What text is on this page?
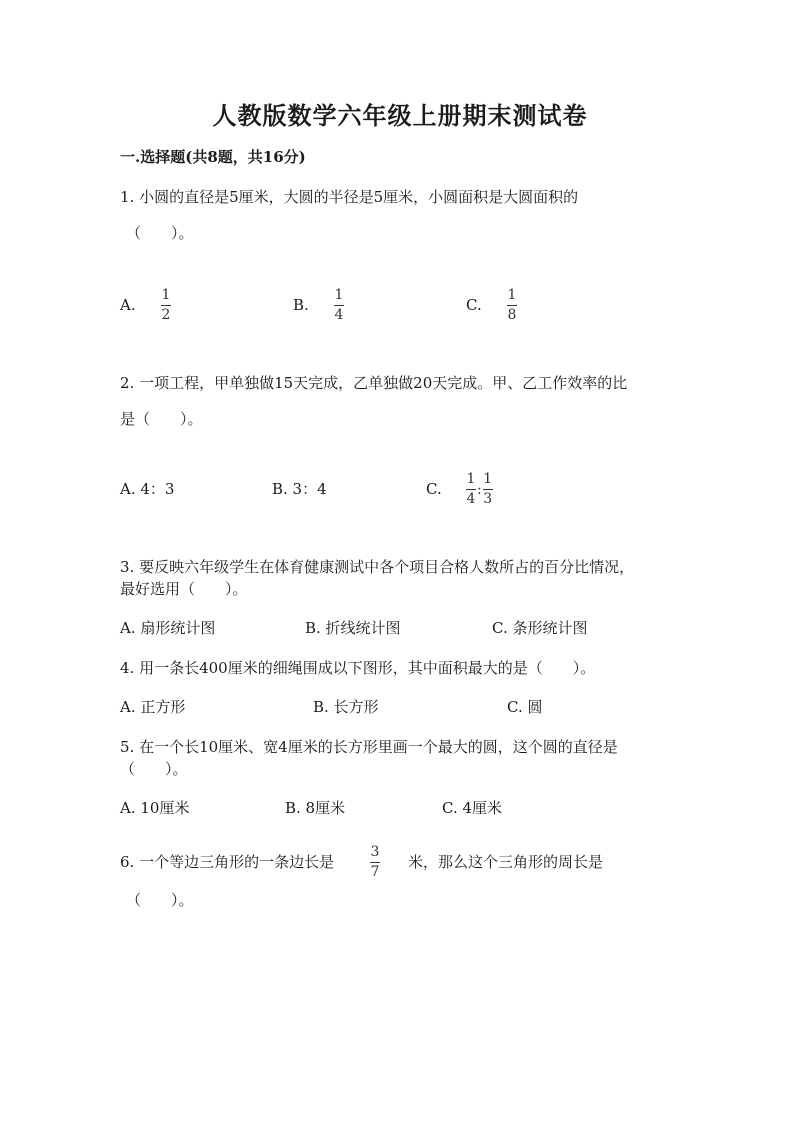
人教版数学六年级上册期末测试卷
一.选择题(共8题，共16分)
1. 小圆的直径是5厘米，大圆的半径是5厘米，小圆面积是大圆面积的
（　　）。
A.
1
2
B.
1
4
C.
1
8
2. 一项工程，甲单独做15天完成，乙单独做20天完成。甲、乙工作效率的比
是（　　）。
A. 4：3	B. 3：4	C. $\frac{1}{4}$ : $\frac{1}{3}$
3. 要反映六年级学生在体育健康测试中各个项目合格人数所占的百分比情况，
最好选用（　　）。
A. 扇形统计图	B. 折线统计图	C. 条形统计图
4. 用一条长400厘米的细绳围成以下图形，其中面积最大的是（　　）。
A. 正方形	B. 长方形	C. 圆
5. 在一个长10厘米、宽4厘米的长方形里画一个最大的圆，这个圆的直径是
（　　）。
A. 10厘米	B. 8厘米	C. 4厘米
6. 一个等边三角形的一条边长是
3
7
米，那么这个三角形的周长是
（　　）。
